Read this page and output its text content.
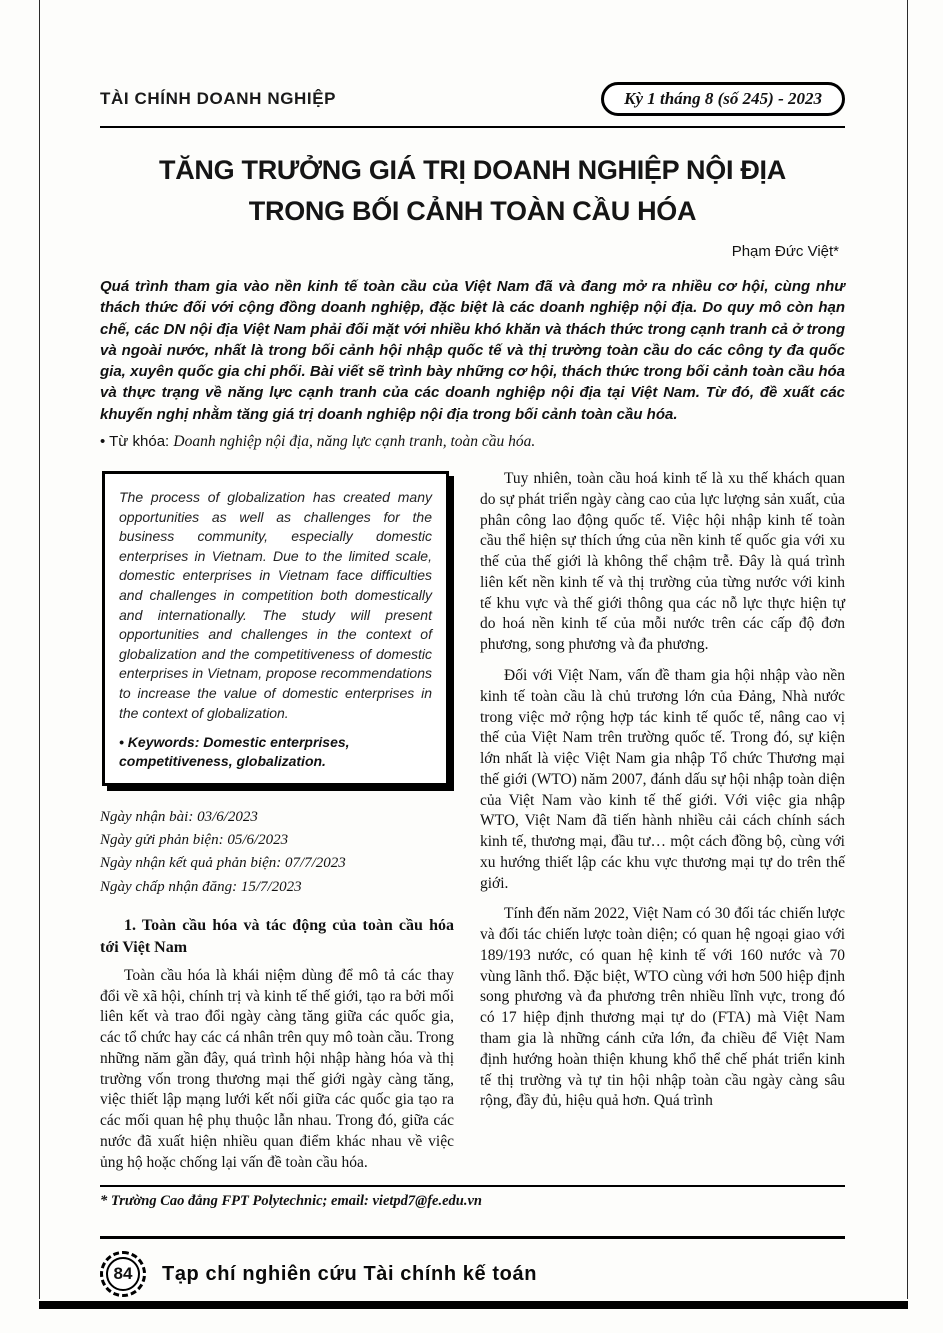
TÀI CHÍNH DOANH NGHIỆP	Kỳ 1 tháng 8 (số 245) - 2023
TĂNG TRƯỞNG GIÁ TRỊ DOANH NGHIỆP NỘI ĐỊA
TRONG BỐI CẢNH TOÀN CẦU HÓA
Phạm Đức Việt*
Quá trình tham gia vào nền kinh tế toàn cầu của Việt Nam đã và đang mở ra nhiều cơ hội, cùng như thách thức đối với cộng đồng doanh nghiệp, đặc biệt là các doanh nghiệp nội địa. Do quy mô còn hạn chế, các DN nội địa Việt Nam phải đối mặt với nhiều khó khăn và thách thức trong cạnh tranh cả ở trong và ngoài nước, nhất là trong bối cảnh hội nhập quốc tế và thị trường toàn cầu do các công ty đa quốc gia, xuyên quốc gia chi phối. Bài viết sẽ trình bày những cơ hội, thách thức trong bối cảnh toàn cầu hóa và thực trạng về năng lực cạnh tranh của các doanh nghiệp nội địa tại Việt Nam. Từ đó, đề xuất các khuyến nghị nhằm tăng giá trị doanh nghiệp nội địa trong bối cảnh toàn cầu hóa.
• Từ khóa: Doanh nghiệp nội địa, năng lực cạnh tranh, toàn cầu hóa.
The process of globalization has created many opportunities as well as challenges for the business community, especially domestic enterprises in Vietnam. Due to the limited scale, domestic enterprises in Vietnam face difficulties and challenges in competition both domestically and internationally. The study will present opportunities and challenges in the context of globalization and the competitiveness of domestic enterprises in Vietnam, propose recommendations to increase the value of domestic enterprises in the context of globalization.
• Keywords: Domestic enterprises, competitiveness, globalization.
Ngày nhận bài: 03/6/2023
Ngày gửi phản biện: 05/6/2023
Ngày nhận kết quả phản biện: 07/7/2023
Ngày chấp nhận đăng: 15/7/2023
1. Toàn cầu hóa và tác động của toàn cầu hóa tới Việt Nam
Toàn cầu hóa là khái niệm dùng để mô tả các thay đổi về xã hội, chính trị và kinh tế thế giới, tạo ra bởi mối liên kết và trao đổi ngày càng tăng giữa các quốc gia, các tổ chức hay các cá nhân trên quy mô toàn cầu. Trong những năm gần đây, quá trình hội nhập hàng hóa và thị trường vốn trong thương mại thế giới ngày càng tăng, việc thiết lập mạng lưới kết nối giữa các quốc gia tạo ra các mối quan hệ phụ thuộc lẫn nhau. Trong đó, giữa các nước đã xuất hiện nhiều quan điểm khác nhau về việc ủng hộ hoặc chống lại vấn đề toàn cầu hóa.
Tuy nhiên, toàn cầu hoá kinh tế là xu thế khách quan do sự phát triển ngày càng cao của lực lượng sản xuất, của phân công lao động quốc tế. Việc hội nhập kinh tế toàn cầu thể hiện sự thích ứng của nền kinh tế quốc gia với xu thế của thế giới là không thể chậm trễ. Đây là quá trình liên kết nền kinh tế và thị trường của từng nước với kinh tế khu vực và thế giới thông qua các nỗ lực thực hiện tự do hoá nền kinh tế của mỗi nước trên các cấp độ đơn phương, song phương và đa phương.
Đối với Việt Nam, vấn đề tham gia hội nhập vào nền kinh tế toàn cầu là chủ trương lớn của Đảng, Nhà nước trong việc mở rộng hợp tác kinh tế quốc tế, nâng cao vị thế của Việt Nam trên trường quốc tế. Trong đó, sự kiện lớn nhất là việc Việt Nam gia nhập Tổ chức Thương mại thế giới (WTO) năm 2007, đánh dấu sự hội nhập toàn diện của Việt Nam vào kinh tế thế giới. Với việc gia nhập WTO, Việt Nam đã tiến hành nhiều cải cách chính sách kinh tế, thương mại, đầu tư… một cách đồng bộ, cùng với xu hướng thiết lập các khu vực thương mại tự do trên thế giới.
Tính đến năm 2022, Việt Nam có 30 đối tác chiến lược và đối tác chiến lược toàn diện; có quan hệ ngoại giao với 189/193 nước, có quan hệ kinh tế với 160 nước và 70 vùng lãnh thổ. Đặc biệt, WTO cùng với hơn 500 hiệp định song phương và đa phương trên nhiều lĩnh vực, trong đó có 17 hiệp định thương mại tự do (FTA) mà Việt Nam tham gia là những cánh cửa lớn, đa chiều để Việt Nam định hướng hoàn thiện khung khổ thể chế phát triển kinh tế thị trường và tự tin hội nhập toàn cầu ngày càng sâu rộng, đầy đủ, hiệu quả hơn. Quá trình
* Trường Cao đẳng FPT Polytechnic; email: vietpd7@fe.edu.vn
84	Tạp chí nghiên cứu Tài chính kế toán
